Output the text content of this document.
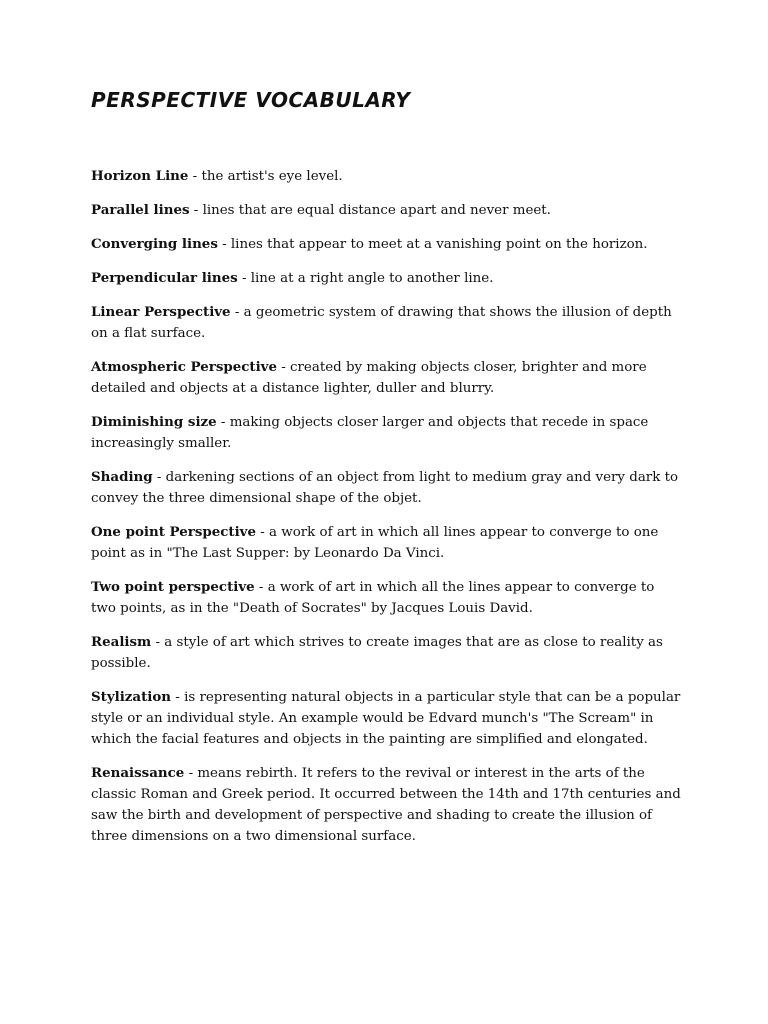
PERSPECTIVE VOCABULARY

Horizon Line - the artist's eye level.

Parallel lines - lines that are equal distance apart and never meet.

Converging lines - lines that appear to meet at a vanishing point on the horizon.

Perpendicular lines - line at a right angle to another line.

Linear Perspective - a geometric system of drawing that shows the illusion of depth on a flat surface.

Atmospheric Perspective - created by making objects closer, brighter and more detailed and objects at a distance lighter, duller and blurry.

Diminishing size - making objects closer larger and objects that recede in space increasingly smaller.

Shading - darkening sections of an object from light to medium gray and very dark to convey the three dimensional shape of the objet.

One point Perspective - a work of art in which all lines appear to converge to one point as in "The Last Supper: by Leonardo Da Vinci.

Two point perspective - a work of art in which all the lines appear to converge to two points, as in the "Death of Socrates" by Jacques Louis David.

Realism - a style of art which strives to create images that are as close to reality as possible.

Stylization - is representing natural objects in a particular style that can be a popular style or an individual style. An example would be Edvard munch's "The Scream" in which the facial features and objects in the painting are simplified and elongated.

Renaissance - means rebirth. It refers to the revival or interest in the arts of the classic Roman and Greek period. It occurred between the 14th and 17th centuries and saw the birth and development of perspective and shading to create the illusion of three dimensions on a two dimensional surface.
